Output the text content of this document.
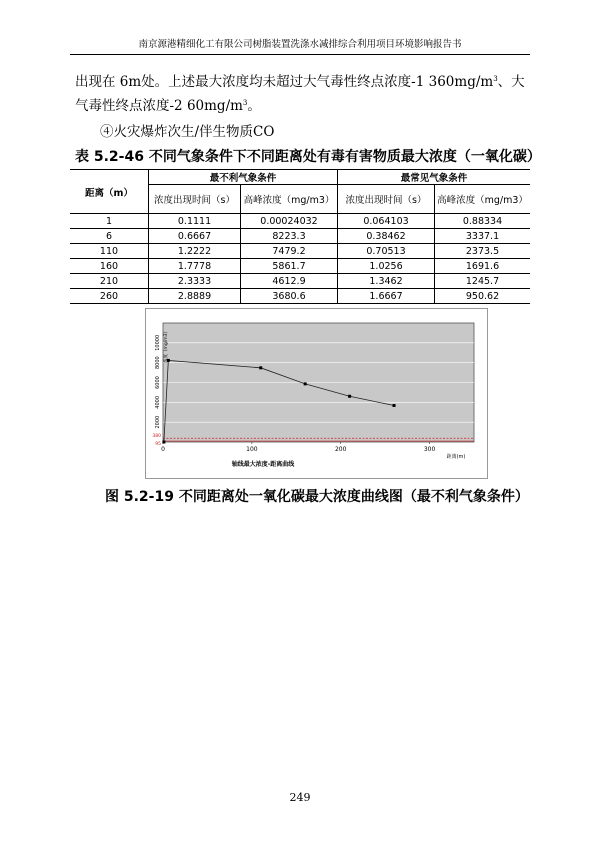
南京源港精细化工有限公司树脂装置洗涤水减排综合利用项目环境影响报告书
出现在 6m处。上述最大浓度均未超过大气毒性终点浓度-1 $360mg/m^3$、大
气毒性终点浓度-2 $60mg/m^3$。
④火灾爆炸次生/伴生物质CO
表 5.2-46 不同气象条件下不同距离处有毒有害物质最大浓度（一氧化碳）
距离（m）	最不利气象条件		最常见气象条件	
	浓度出现时间（s）	高峰浓度（mg/m3）	浓度出现时间（s）	高峰浓度（mg/m3）
1	0.1111	0.00024032	0.064103	0.88334
6	0.6667	8223.3	0.38462	3337.1
110	1.2222	7479.2	0.70513	2373.5
160	1.7778	5861.7	1.0256	1691.6
210	2.3333	4612.9	1.3462	1245.7
260	2.8889	3680.6	1.6667	950.62
2000
4000
6000
8000
10000
0	100	200	300
380
95
浓度（mg/m3）
距离(m)
轴线最大浓度-距离曲线
图 5.2-19 不同距离处一氧化碳最大浓度曲线图（最不利气象条件）
249
